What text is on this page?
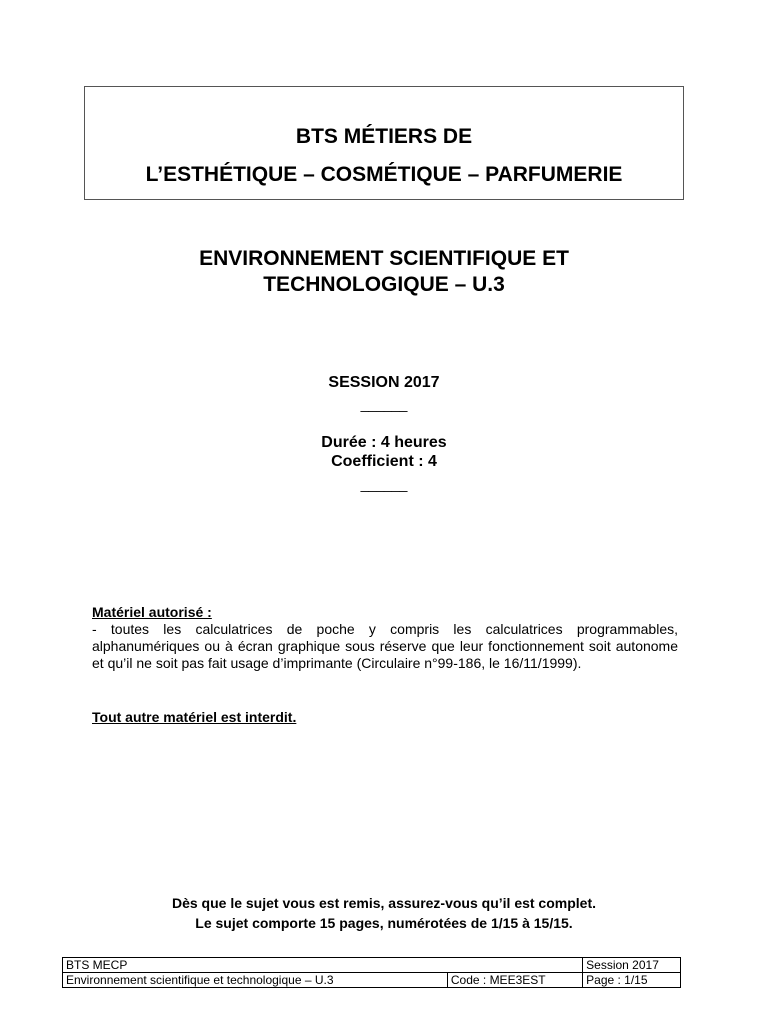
BTS MÉTIERS DE
L’ESTHÉTIQUE – COSMÉTIQUE – PARFUMERIE
ENVIRONNEMENT SCIENTIFIQUE ET
TECHNOLOGIQUE – U.3
SESSION 2017
______
Durée : 4 heures
Coefficient : 4
______
Matériel autorisé :
- toutes les calculatrices de poche y compris les calculatrices programmables, alphanumériques ou à écran graphique sous réserve que leur fonctionnement soit autonome et qu’il ne soit pas fait usage d’imprimante (Circulaire n°99-186, le 16/11/1999).
Tout autre matériel est interdit.
Dès que le sujet vous est remis, assurez-vous qu’il est complet.
Le sujet comporte 15 pages, numérotées de 1/15 à 15/15.
BTS MECP		Session 2017
Environnement scientifique et technologique – U.3	Code : MEE3EST	Page : 1/15
